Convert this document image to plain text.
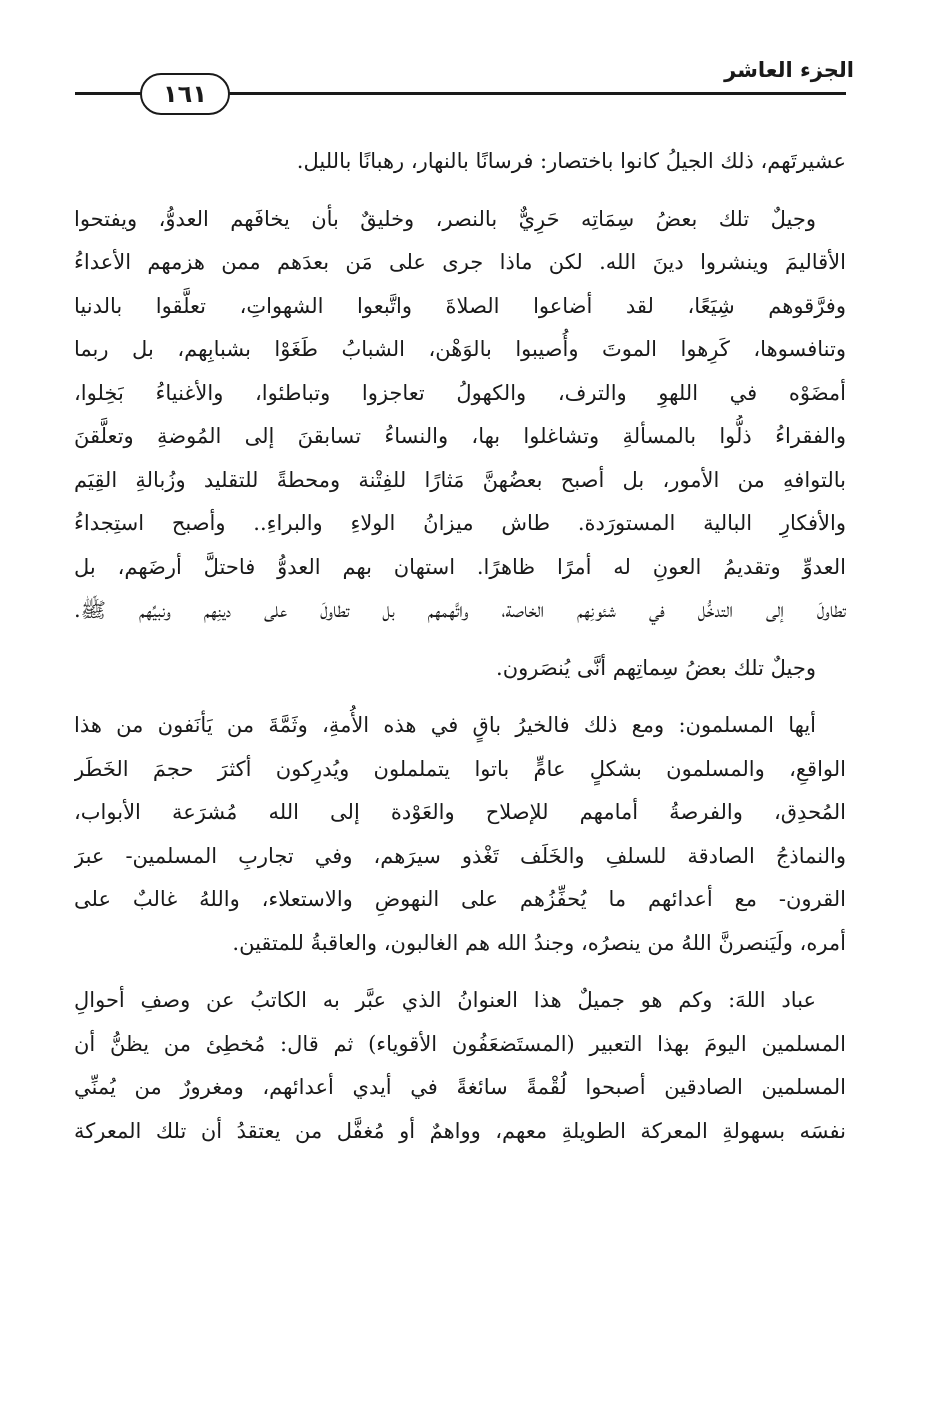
الجزء العاشر
١٦١
عشيرتَهم، ذلك الجيلُ كانوا باختصار: فرسانًا بالنهار، رهبانًا بالليل.
وجيلٌ تلك بعضُ سِمَاتِه حَرِيٌّ بالنصر، وخليقٌ بأن يخافَهم العدوُّ، ويفتحوا
الأقاليمَ وينشروا دينَ الله. لكن ماذا جرى على مَن بعدَهم ممن هزمهم الأعداءُ
وفرَّقوهم شِيَعًا، لقد أضاعوا الصلاةَ واتَّبعوا الشهواتِ، تعلَّقوا بالدنيا
وتنافسوها، كَرِهوا الموتَ وأُصيبوا بالوَهْن، الشبابُ طَغَوْا بشبابِهم، بل ربما
أمضَوْه في اللهوِ والترف، والكهولُ تعاجزوا وتباطئوا، والأغنياءُ بَخِلوا،
والفقراءُ ذلُّوا بالمسألةِ وتشاغلوا بها، والنساءُ تسابقنَ إلى المُوضةِ وتعلَّقنَ
بالتوافهِ من الأمور، بل أصبح بعضُهنَّ مَثارًا للفِتْنة ومحطةً للتقليد وزُبالةِ القِيَم
والأفكارِ البالية المستورَدة. طاش ميزانُ الولاءِ والبراءِ.. وأصبح استِجداءُ
العدوِّ وتقديمُ العونِ له أمرًا ظاهرًا. استهان بهم العدوُّ فاحتلَّ أرضَهم، بل
تطاولَ إلى التدخُّل في شئونِهم الخاصة، واتَّهمهم بل تطاولَ على دينِهم ونبيِّهم ﷺ.
وجيلٌ تلك بعضُ سِماتِهم أنَّى يُنصَرون.
أيها المسلمون: ومع ذلك فالخيرُ باقٍ في هذه الأُمةِ، وثَمَّةَ من يَأنَفون من هذا
الواقعِ، والمسلمون بشكلٍ عامٍّ باتوا يتململون ويُدرِكون أكثرَ حجمَ الخَطَر
المُحدِق، والفرصةُ أمامهم للإصلاح والعَوْدة إلى الله مُشرَعة الأبواب،
والنماذجُ الصادقة للسلفِ والخَلَف تَغْذو سيرَهم، وفي تجاربِ المسلمين- عبرَ
القرون- مع أعدائهم ما يُحفِّزُهم على النهوضِ والاستعلاء، واللهُ غالبٌ على
أمره، ولَيَنصرنَّ اللهُ من ينصرُه، وجندُ الله هم الغالبون، والعاقبةُ للمتقين.
عباد اللهَ: وكم هو جميلٌ هذا العنوانُ الذي عبَّر به الكاتبُ عن وصفِ أحوالِ
المسلمين اليومَ بهذا التعبير (المستَضعَفُون الأقوياء) ثم قال: مُخطِئ من يظنُّ أن
المسلمين الصادقين أصبحوا لُقْمةً سائغةً في أيدي أعدائهم، ومغرورٌ من يُمنِّي
نفسَه بسهولةِ المعركة الطويلةِ معهم، وواهمٌ أو مُغفَّل من يعتقدُ أن تلك المعركة
